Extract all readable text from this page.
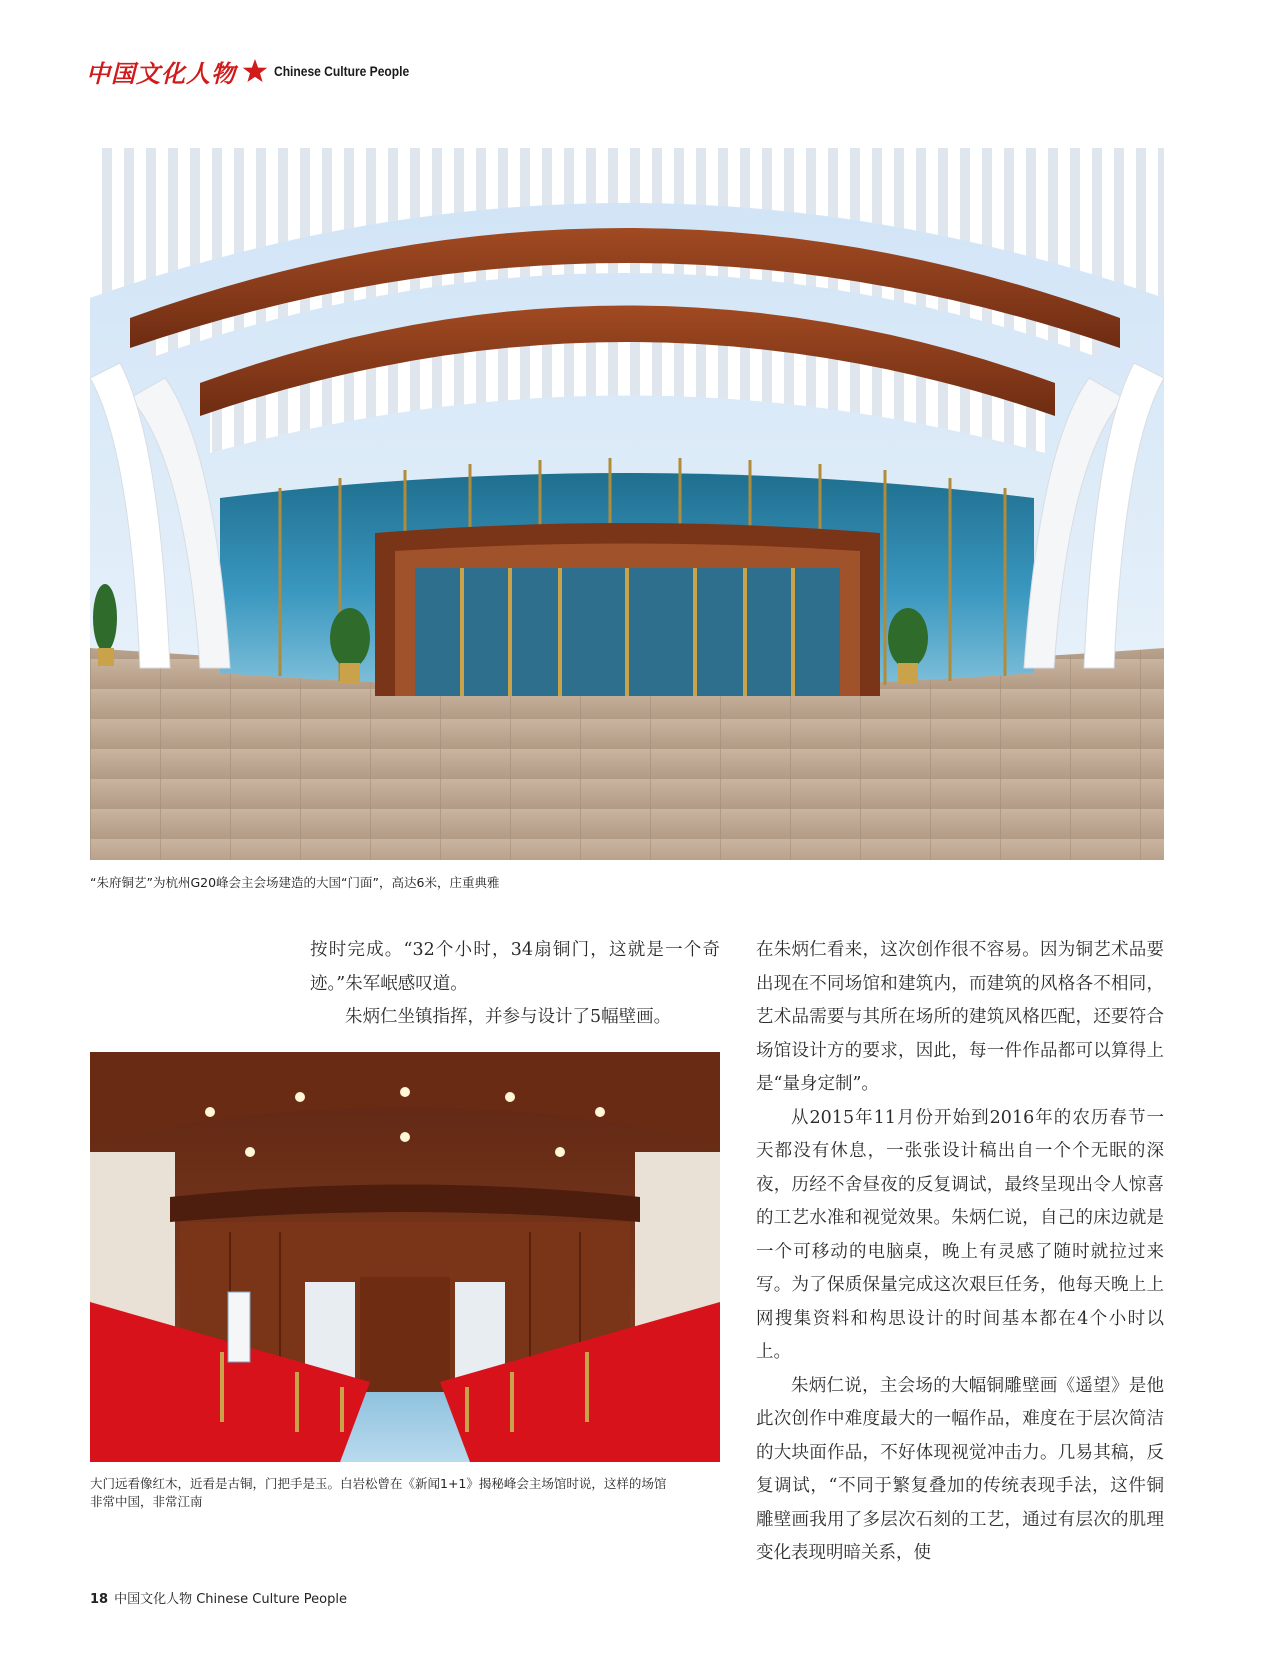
中国文化人物	Chinese Culture People
“朱府铜艺”为杭州G20峰会主会场建造的大国“门面”，高达6米，庄重典雅

按时完成。“32个小时，34扇铜门，这就是一个奇迹。”朱军岷感叹道。

朱炳仁坐镇指挥，并参与设计了5幅壁画。

大门远看像红木，近看是古铜，门把手是玉。白岩松曾在《新闻1+1》揭秘峰会主场馆时说，这样的场馆
非常中国，非常江南

在朱炳仁看来，这次创作很不容易。因为铜艺术品要出现在不同场馆和建筑内，而建筑的风格各不相同，艺术品需要与其所在场所的建筑风格匹配，还要符合场馆设计方的要求，因此，每一件作品都可以算得上是“量身定制”。

从2015年11月份开始到2016年的农历春节一天都没有休息，一张张设计稿出自一个个无眠的深夜，历经不舍昼夜的反复调试，最终呈现出令人惊喜的工艺水准和视觉效果。朱炳仁说，自己的床边就是一个可移动的电脑桌，晚上有灵感了随时就拉过来写。为了保质保量完成这次艰巨任务，他每天晚上上网搜集资料和构思设计的时间基本都在4个小时以上。

朱炳仁说，主会场的大幅铜雕壁画《遥望》是他此次创作中难度最大的一幅作品，难度在于层次简洁的大块面作品，不好体现视觉冲击力。几易其稿，反复调试，“不同于繁复叠加的传统表现手法，这件铜雕壁画我用了多层次石刻的工艺，通过有层次的肌理变化表现明暗关系，使

18 中国文化人物 Chinese Culture People
